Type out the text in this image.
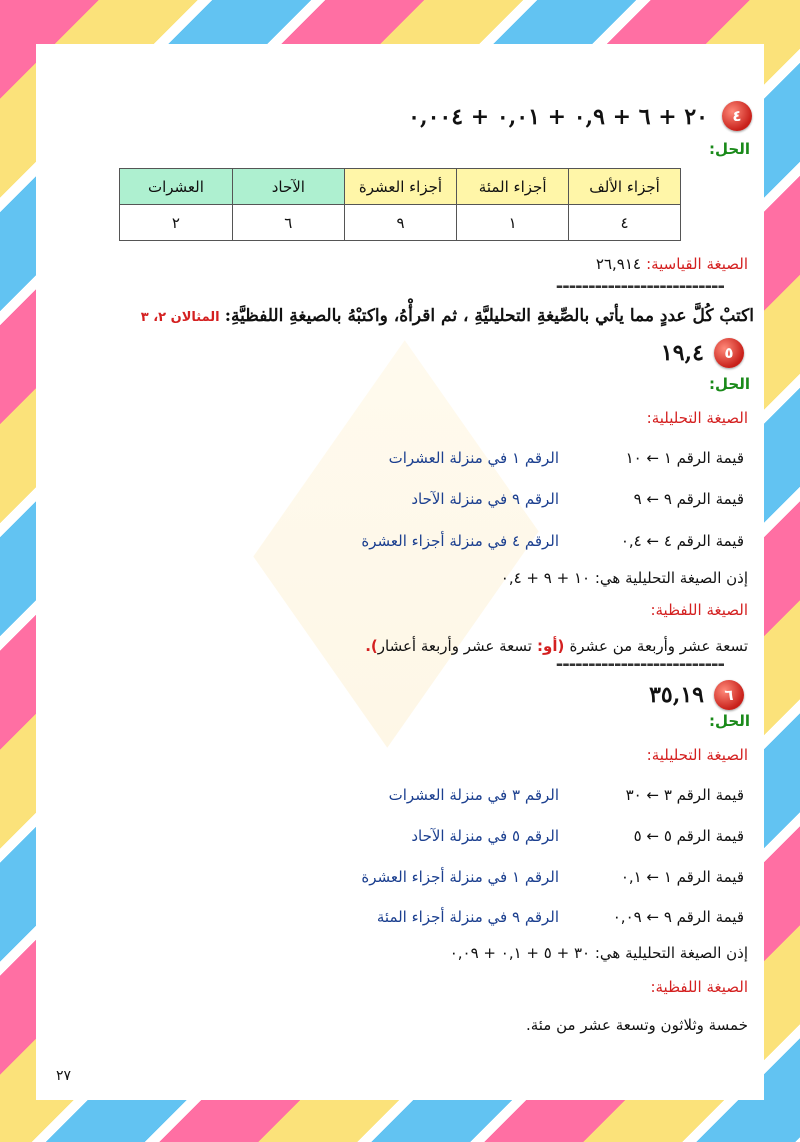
٤
٢٠ + ٦ + ٠,٩ + ٠,٠١ + ٠,٠٠٤
الحل:
أجزاء الألف	أجزاء المئة	أجزاء العشرة	الآحاد	العشرات
٤	١	٩	٦	٢
الصيغة القياسية: ٢٦,٩١٤
--------------------------
اكتبْ كُلَّ عددٍ مما يأتي بالصِّيغةِ التحليليَّةِ ، ثم اقرأْهُ، واكتبْهُ بالصيغةِ اللفظيَّةِ: المثالان ٢، ٣
٥
١٩,٤
الحل:
الصيغة التحليلية:
قيمة الرقم ١ ← ١٠
الرقم ١ في منزلة العشرات
قيمة الرقم ٩ ← ٩
الرقم ٩ في منزلة الآحاد
قيمة الرقم ٤ ← ٠,٤
الرقم ٤ في منزلة أجزاء العشرة
إذن الصيغة التحليلية هي: ١٠ + ٩ + ٠,٤
الصيغة اللفظية:
تسعة عشر وأربعة من عشرة (أو: تسعة عشر وأربعة أعشار).
--------------------------
٦
٣٥,١٩
الحل:
الصيغة التحليلية:
قيمة الرقم ٣ ← ٣٠
الرقم ٣ في منزلة العشرات
قيمة الرقم ٥ ← ٥
الرقم ٥ في منزلة الآحاد
قيمة الرقم ١ ← ٠,١
الرقم ١ في منزلة أجزاء العشرة
قيمة الرقم ٩ ← ٠,٠٩
الرقم ٩ في منزلة أجزاء المئة
إذن الصيغة التحليلية هي: ٣٠ + ٥ + ٠,١ + ٠,٠٩
الصيغة اللفظية:
خمسة وثلاثون وتسعة عشر من مئة.
٢٧
